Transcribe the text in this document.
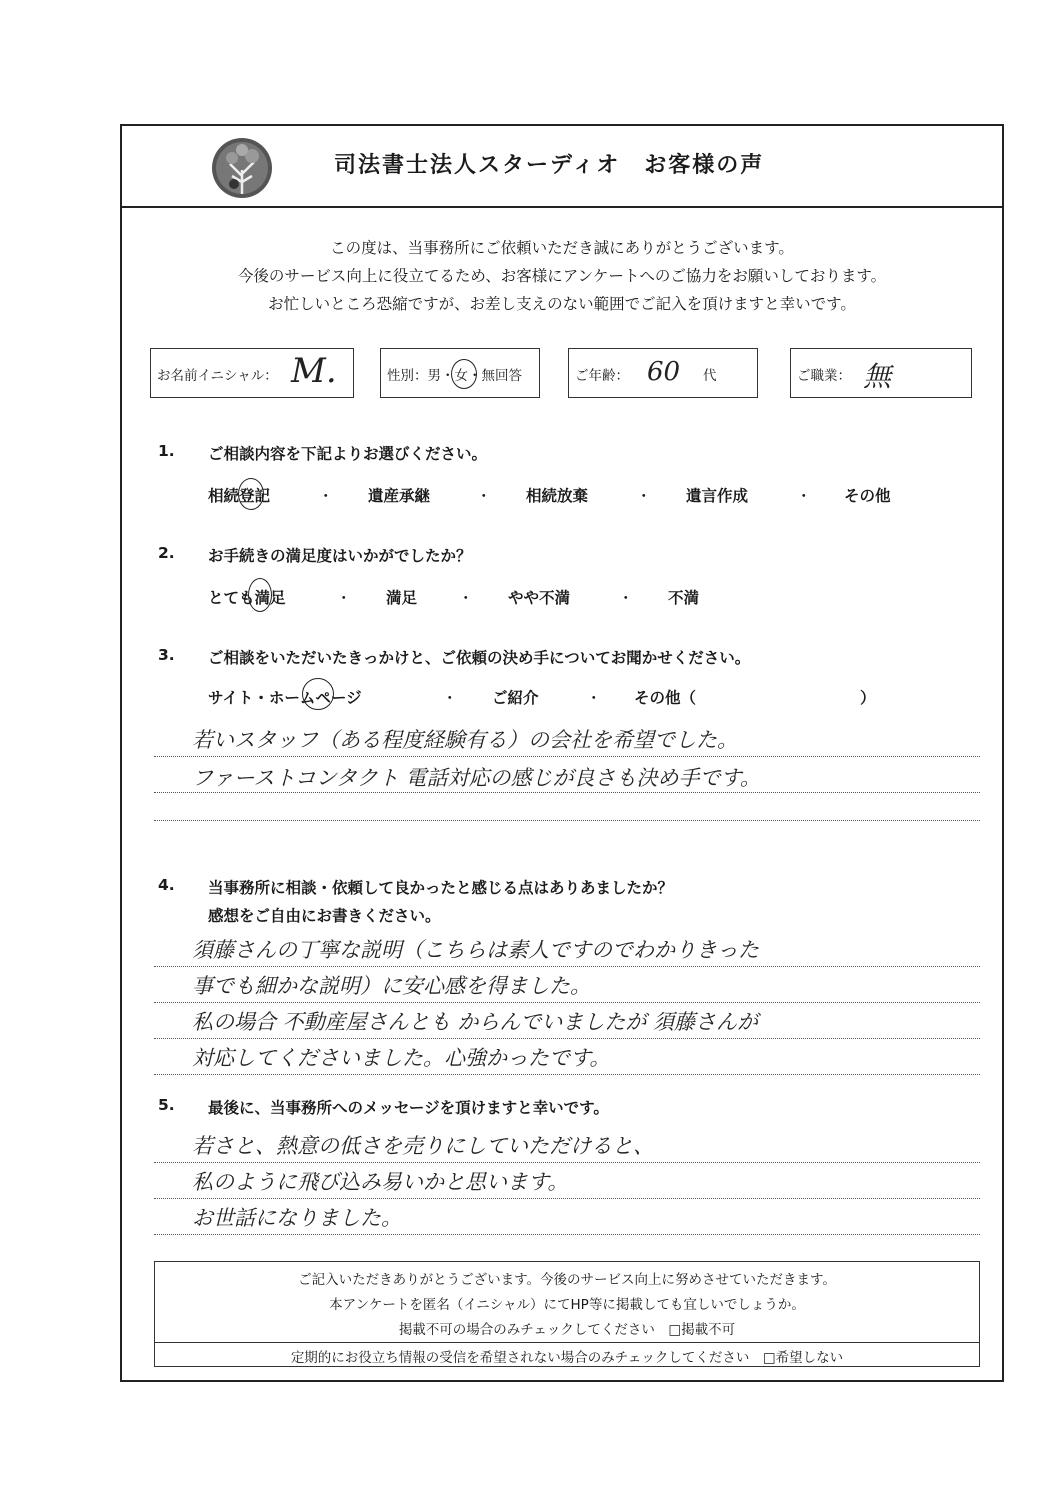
司法書士法人スターディオ　お客様の声
この度は、当事務所にご依頼いただき誠にありがとうございます。
今後のサービス向上に役立てるため、お客様にアンケートへのご協力をお願いしております。
お忙しいところ恐縮ですが、お差し支えのない範囲でご記入を頂けますと幸いです。
お名前イニシャル： M.	性別：男・女・無回答	ご年齢： 60 代	ご職業： 無
1. ご相談内容を下記よりお選びください。
相続登記	・ 遺産承継	・ 相続放棄	・ 遺言作成	・ その他
2. お手続きの満足度はいかがでしたか？
とても満足	・ 満足	・ やや不満	・ 不満
3. ご相談をいただいたきっかけと、ご依頼の決め手についてお聞かせください。
サイト・ホームページ	・ ご紹介	・ その他（	）
若いスタッフ（ある程度経験有る）の会社を希望でした。
ファーストコンタクト 電話対応の感じが良さも決め手です。
4. 当事務所に相談・依頼して良かったと感じる点はありあましたか？
感想をご自由にお書きください。
須藤さんの丁寧な説明（こちらは素人ですのでわかりきった
事でも細かな説明）に安心感を得ました。
私の場合 不動産屋さんとも からんでいましたが 須藤さんが
対応してくださいました。心強かったです。
5. 最後に、当事務所へのメッセージを頂けますと幸いです。
若さと、熱意の低さを売りにしていただけると、
私のように飛び込み易いかと思います。
お世話になりました。
ご記入いただきありがとうございます。今後のサービス向上に努めさせていただきます。
本アンケートを匿名（イニシャル）にてHP等に掲載しても宜しいでしょうか。
掲載不可の場合のみチェックしてください　□掲載不可
定期的にお役立ち情報の受信を希望されない場合のみチェックしてください　□希望しない
